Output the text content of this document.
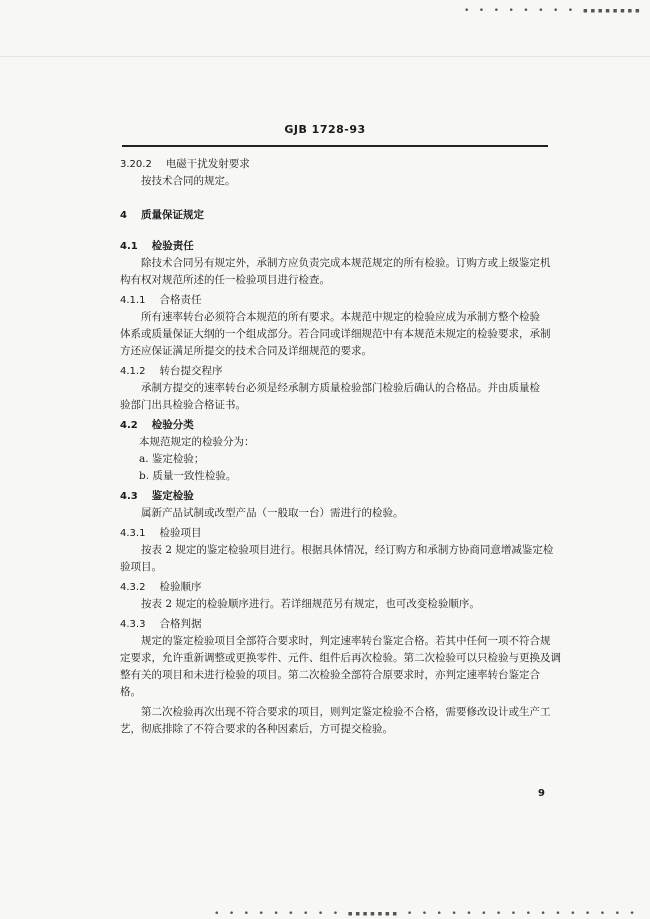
• • • • • • • • ▪▪▪▪▪▪▪▪
GJB 1728-93
3.20.2 电磁干扰发射要求
按技术合同的规定。
4 质量保证规定
4.1 检验责任
除技术合同另有规定外，承制方应负责完成本规范规定的所有检验。订购方或上级鉴定机
构有权对规范所述的任一检验项目进行检查。
4.1.1 合格责任
所有速率转台必须符合本规范的所有要求。本规范中规定的检验应成为承制方整个检验
体系或质量保证大纲的一个组成部分。若合同或详细规范中有本规范未规定的检验要求，承制
方还应保证满足所提交的技术合同及详细规范的要求。
4.1.2 转台提交程序
承制方提交的速率转台必须是经承制方质量检验部门检验后确认的合格品。并由质量检
验部门出具检验合格证书。
4.2 检验分类
本规范规定的检验分为：
a. 鉴定检验；
b. 质量一致性检验。
4.3 鉴定检验
属新产品试制或改型产品（一般取一台）需进行的检验。
4.3.1 检验项目
按表 2 规定的鉴定检验项目进行。根据具体情况，经订购方和承制方协商同意增减鉴定检
验项目。
4.3.2 检验顺序
按表 2 规定的检验顺序进行。若详细规范另有规定，也可改变检验顺序。
4.3.3 合格判据
规定的鉴定检验项目全部符合要求时，判定速率转台鉴定合格。若其中任何一项不符合规
定要求，允许重新调整或更换零件、元件、组件后再次检验。第二次检验可以只检验与更换及调
整有关的项目和未进行检验的项目。第二次检验全部符合原要求时，亦判定速率转台鉴定合
格。
第二次检验再次出现不符合要求的项目，则判定鉴定检验不合格，需要修改设计或生产工
艺，彻底排除了不符合要求的各种因素后，方可提交检验。
9
• • • • • • • • • ▪▪▪▪▪▪▪ • • • • • • • • • • • • • • • •
